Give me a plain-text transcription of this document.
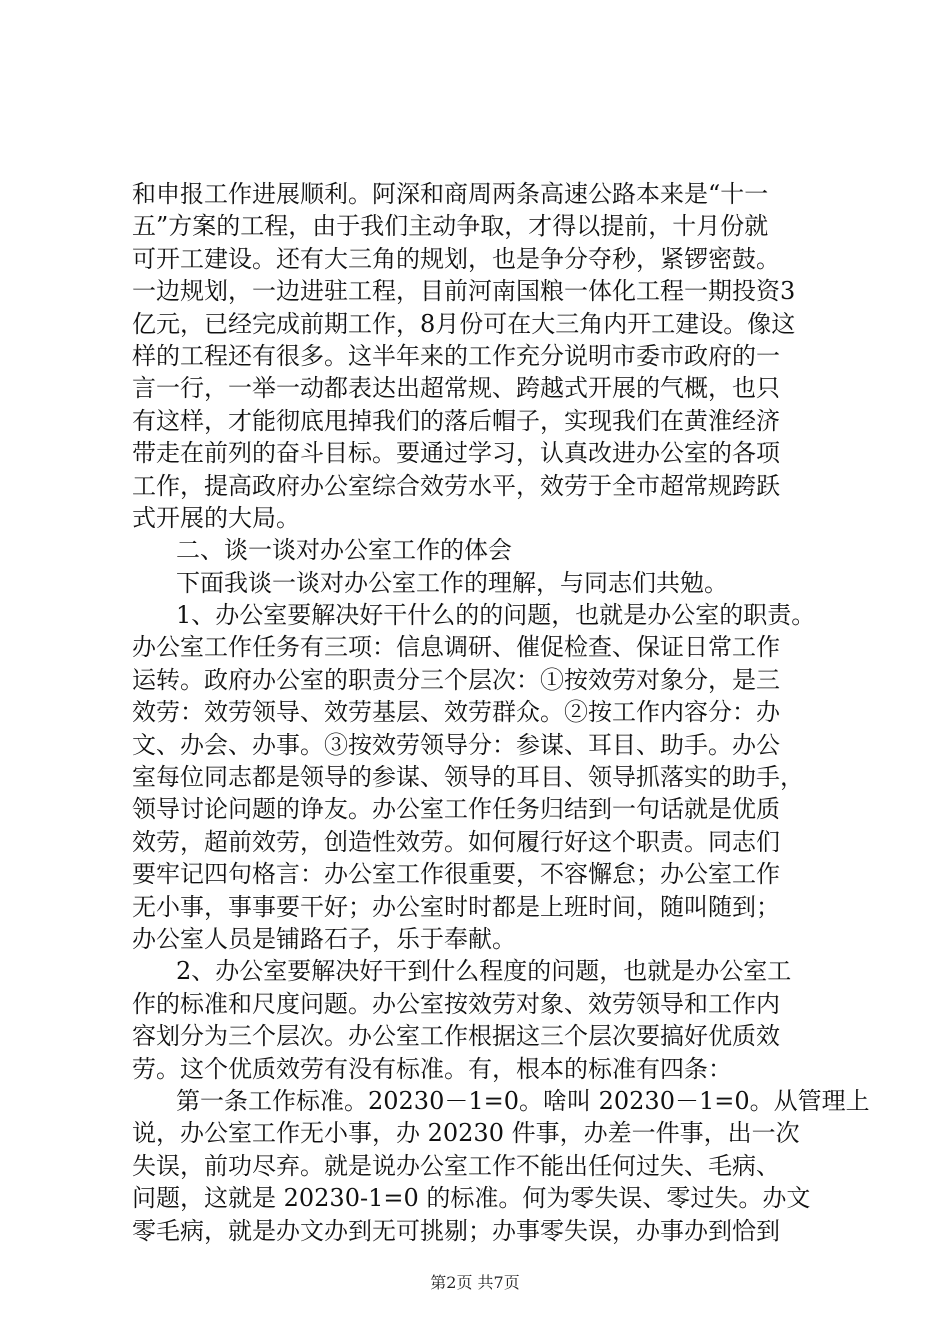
和申报工作进展顺利。阿深和商周两条高速公路本来是“十一
五”方案的工程，由于我们主动争取，才得以提前，十月份就
可开工建设。还有大三角的规划，也是争分夺秒，紧锣密鼓。
一边规划，一边进驻工程，目前河南国粮一体化工程一期投资3
亿元，已经完成前期工作，8月份可在大三角内开工建设。像这
样的工程还有很多。这半年来的工作充分说明市委市政府的一
言一行，一举一动都表达出超常规、跨越式开展的气概，也只
有这样，才能彻底甩掉我们的落后帽子，实现我们在黄淮经济
带走在前列的奋斗目标。要通过学习，认真改进办公室的各项
工作，提高政府办公室综合效劳水平，效劳于全市超常规跨跃
式开展的大局。
二、谈一谈对办公室工作的体会
下面我谈一谈对办公室工作的理解，与同志们共勉。
1、办公室要解决好干什么的的问题，也就是办公室的职责。
办公室工作任务有三项：信息调研、催促检查、保证日常工作
运转。政府办公室的职责分三个层次：①按效劳对象分，是三
效劳：效劳领导、效劳基层、效劳群众。②按工作内容分：办
文、办会、办事。③按效劳领导分：参谋、耳目、助手。办公
室每位同志都是领导的参谋、领导的耳目、领导抓落实的助手，
领导讨论问题的诤友。办公室工作任务归结到一句话就是优质
效劳，超前效劳，创造性效劳。如何履行好这个职责。同志们
要牢记四句格言：办公室工作很重要，不容懈怠；办公室工作
无小事，事事要干好；办公室时时都是上班时间，随叫随到；
办公室人员是铺路石子，乐于奉献。
2、办公室要解决好干到什么程度的问题，也就是办公室工
作的标准和尺度问题。办公室按效劳对象、效劳领导和工作内
容划分为三个层次。办公室工作根据这三个层次要搞好优质效
劳。这个优质效劳有没有标准。有，根本的标准有四条：
第一条工作标准。20230－1=0。啥叫 20230－1=0。从管理上
说，办公室工作无小事，办 20230 件事，办差一件事，出一次
失误，前功尽弃。就是说办公室工作不能出任何过失、毛病、
问题，这就是 20230-1=0 的标准。何为零失误、零过失。办文
零毛病，就是办文办到无可挑剔；办事零失误，办事办到恰到
第2页 共7页
